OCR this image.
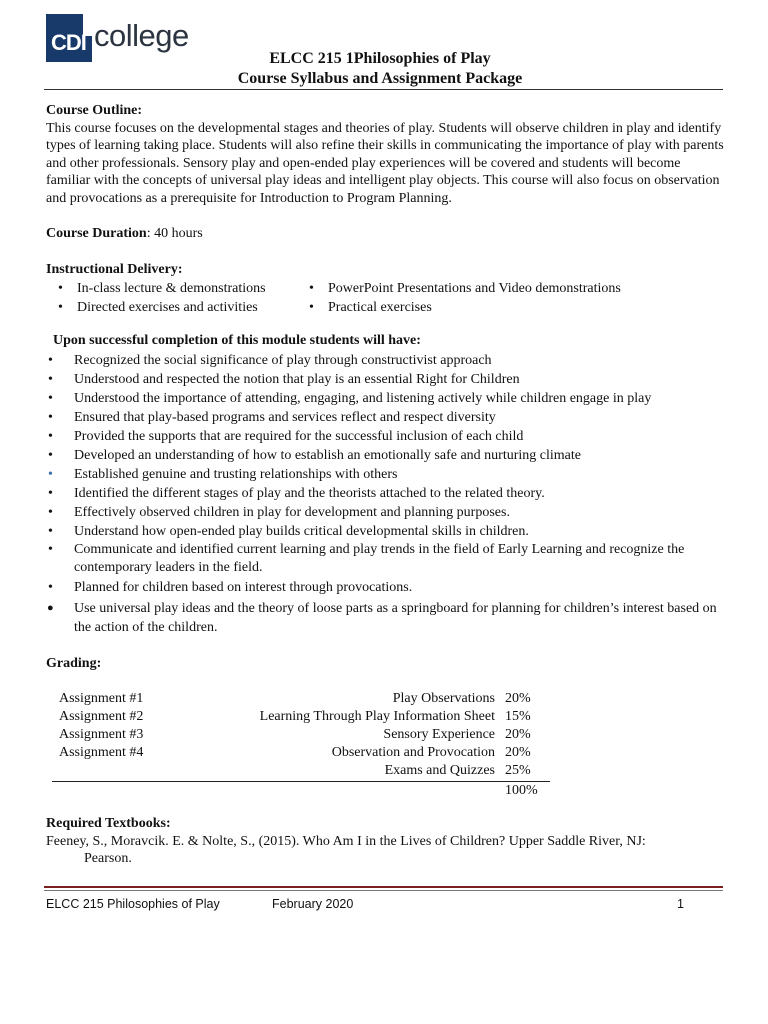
CDI college
ELCC 215 1Philosophies of Play
Course Syllabus and Assignment Package
Course Outline:
This course focuses on the developmental stages and theories of play. Students will observe children in play and identify types of learning taking place. Students will also refine their skills in communicating the importance of play with parents and other professionals. Sensory play and open-ended play experiences will be covered and students will become familiar with the concepts of universal play ideas and intelligent play objects. This course will also focus on observation and provocations as a prerequisite for Introduction to Program Planning.
Course Duration: 40 hours
Instructional Delivery:
• In-class lecture & demonstrations
• Directed exercises and activities
• PowerPoint Presentations and Video demonstrations
• Practical exercises
Upon successful completion of this module students will have:
• Recognized the social significance of play through constructivist approach
• Understood and respected the notion that play is an essential Right for Children
• Understood the importance of attending, engaging, and listening actively while children engage in play
• Ensured that play-based programs and services reflect and respect diversity
• Provided the supports that are required for the successful inclusion of each child
• Developed an understanding of how to establish an emotionally safe and nurturing climate
• Established genuine and trusting relationships with others
• Identified the different stages of play and the theorists attached to the related theory.
• Effectively observed children in play for development and planning purposes.
• Understand how open-ended play builds critical developmental skills in children.
• Communicate and identified current learning and play trends in the field of Early Learning and recognize the contemporary leaders in the field.
• Planned for children based on interest through provocations.
● Use universal play ideas and the theory of loose parts as a springboard for planning for children’s interest based on the action of the children.
Grading:
Assignment #1	Play Observations 20%
Assignment #2	Learning Through Play Information Sheet 15%
Assignment #3	Sensory Experience 20%
Assignment #4	Observation and Provocation 20%
Exams and Quizzes 25%
100%
Required Textbooks:
Feeney, S., Moravcik. E. & Nolte, S., (2015). Who Am I in the Lives of Children? Upper Saddle River, NJ:
Pearson.
ELCC 215 Philosophies of Play	February 2020	1
